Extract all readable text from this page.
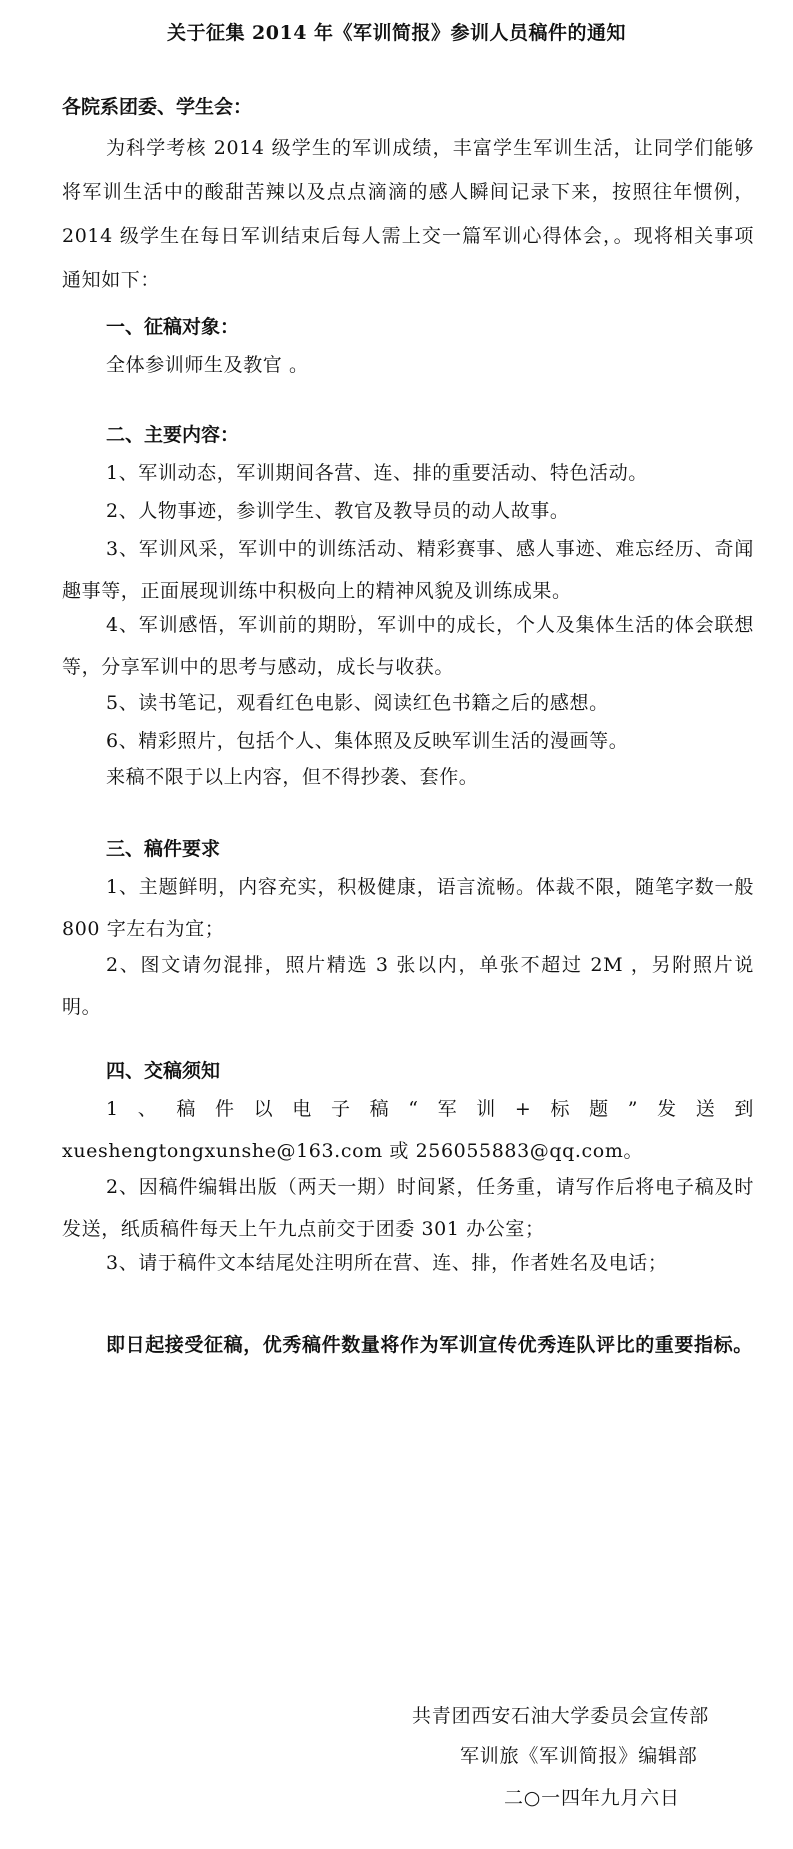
关于征集 2014 年《军训简报》参训人员稿件的通知
各院系团委、学生会：
为科学考核 2014 级学生的军训成绩，丰富学生军训生活，让同学们能够将军训生活中的酸甜苦辣以及点点滴滴的感人瞬间记录下来，按照往年惯例，2014 级学生在每日军训结束后每人需上交一篇军训心得体会，。现将相关事项通知如下：
一、征稿对象：
全体参训师生及教官 。
二、主要内容：
1、军训动态，军训期间各营、连、排的重要活动、特色活动。
2、人物事迹，参训学生、教官及教导员的动人故事。
3、军训风采，军训中的训练活动、精彩赛事、感人事迹、难忘经历、奇闻趣事等，正面展现训练中积极向上的精神风貌及训练成果。
4、军训感悟，军训前的期盼，军训中的成长，个人及集体生活的体会联想等，分享军训中的思考与感动，成长与收获。
5、读书笔记，观看红色电影、阅读红色书籍之后的感想。
6、精彩照片，包括个人、集体照及反映军训生活的漫画等。
来稿不限于以上内容，但不得抄袭、套作。
三、稿件要求
1、主题鲜明，内容充实，积极健康，语言流畅。体裁不限，随笔字数一般 800 字左右为宜；
2、图文请勿混排，照片精选 3 张以内，单张不超过 2M ，另附照片说明。
四、交稿须知
1、稿件以电子稿“军训+标题”发送到 xueshengtongxunshe@163.com 或 256055883@qq.com。
2、因稿件编辑出版（两天一期）时间紧，任务重，请写作后将电子稿及时发送，纸质稿件每天上午九点前交于团委 301 办公室；
3、请于稿件文本结尾处注明所在营、连、排，作者姓名及电话；
即日起接受征稿，优秀稿件数量将作为军训宣传优秀连队评比的重要指标。
共青团西安石油大学委员会宣传部
军训旅《军训简报》编辑部
二○一四年九月六日
